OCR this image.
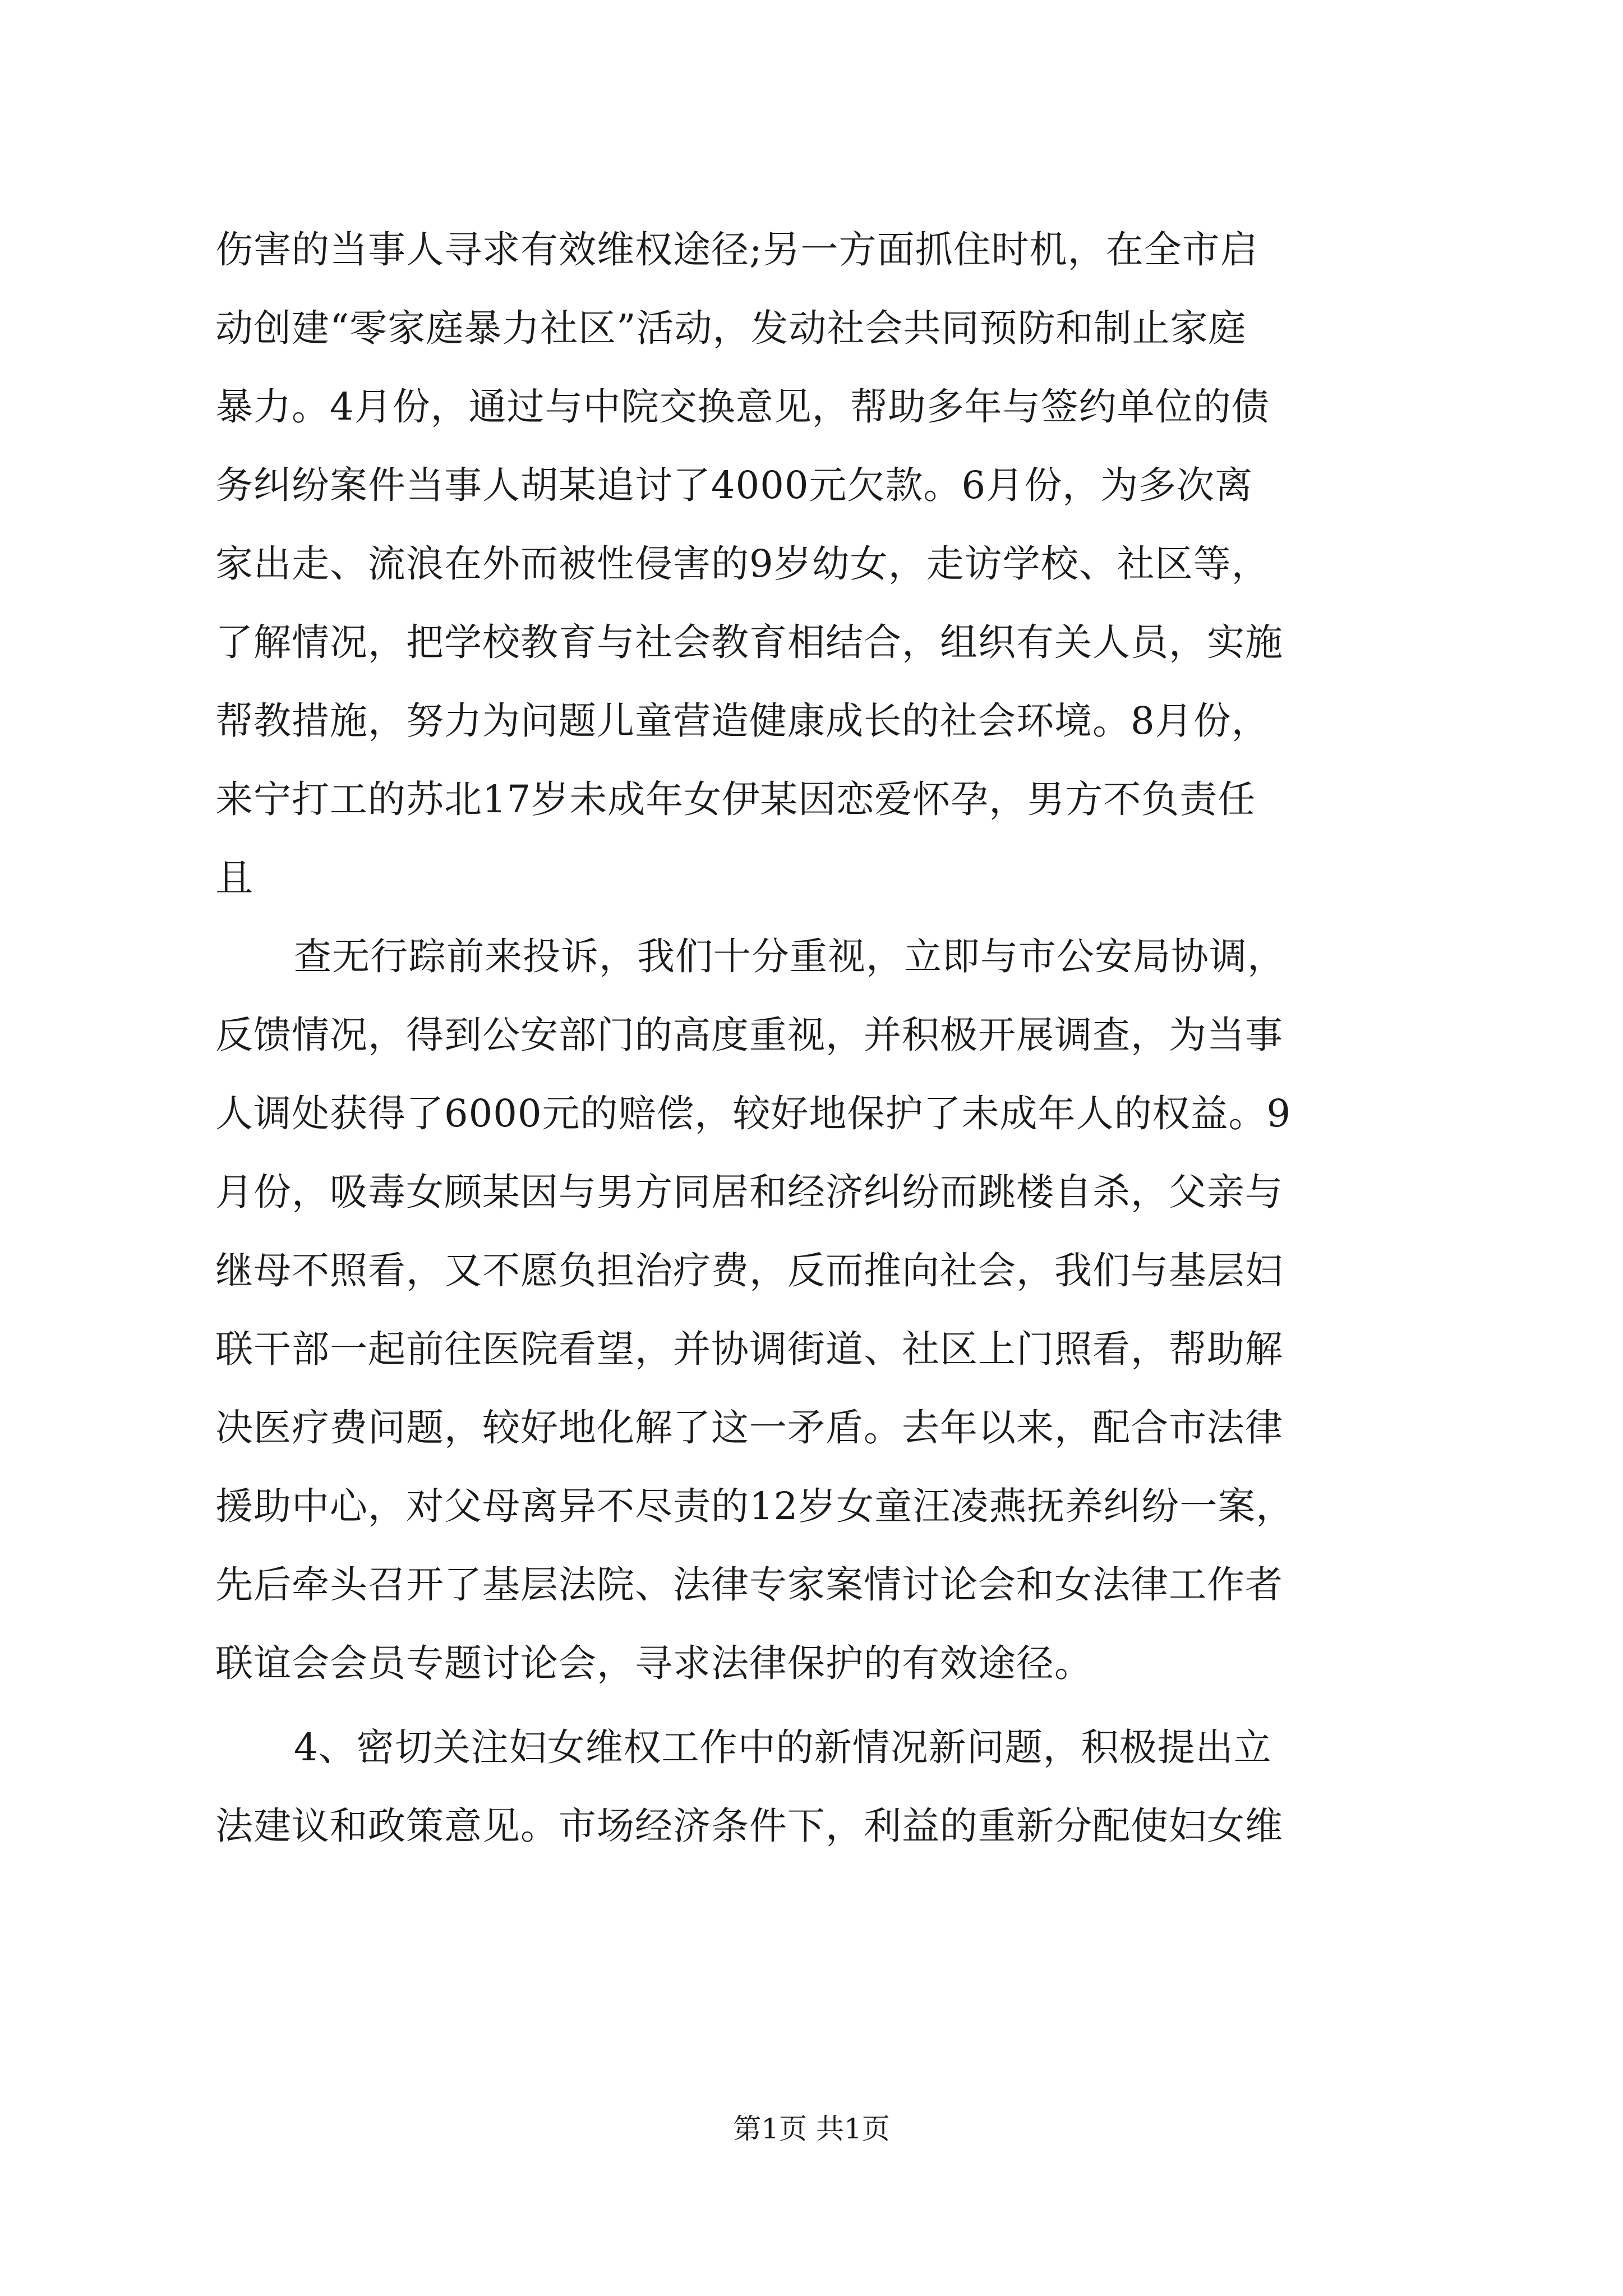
伤害的当事人寻求有效维权途径;另一方面抓住时机，在全市启
动创建“零家庭暴力社区”活动，发动社会共同预防和制止家庭
暴力。4月份，通过与中院交换意见，帮助多年与签约单位的债
务纠纷案件当事人胡某追讨了4000元欠款。6月份，为多次离
家出走、流浪在外而被性侵害的9岁幼女，走访学校、社区等，
了解情况，把学校教育与社会教育相结合，组织有关人员，实施
帮教措施，努力为问题儿童营造健康成长的社会环境。8月份，
来宁打工的苏北17岁未成年女伊某因恋爱怀孕，男方不负责任
且
查无行踪前来投诉，我们十分重视，立即与市公安局协调，
反馈情况，得到公安部门的高度重视，并积极开展调查，为当事
人调处获得了6000元的赔偿，较好地保护了未成年人的权益。9
月份，吸毒女顾某因与男方同居和经济纠纷而跳楼自杀，父亲与
继母不照看，又不愿负担治疗费，反而推向社会，我们与基层妇
联干部一起前往医院看望，并协调街道、社区上门照看，帮助解
决医疗费问题，较好地化解了这一矛盾。去年以来，配合市法律
援助中心，对父母离异不尽责的12岁女童汪凌燕抚养纠纷一案，
先后牵头召开了基层法院、法律专家案情讨论会和女法律工作者
联谊会会员专题讨论会，寻求法律保护的有效途径。
4、密切关注妇女维权工作中的新情况新问题，积极提出立
法建议和政策意见。市场经济条件下，利益的重新分配使妇女维
第1页 共1页
